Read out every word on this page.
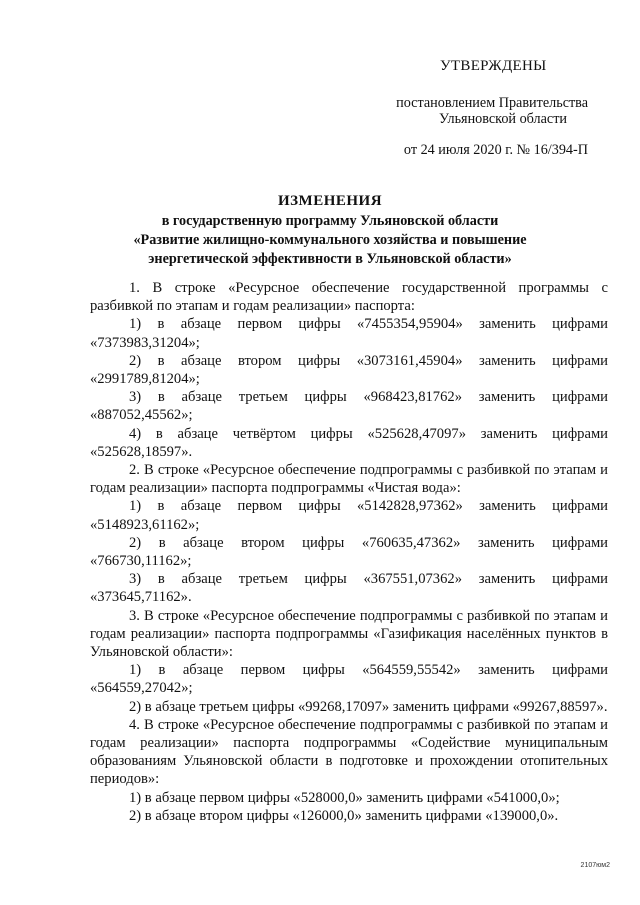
УТВЕРЖДЕНЫ
постановлением Правительства
Ульяновской области
от 24 июля 2020 г. № 16/394-П
ИЗМЕНЕНИЯ
в государственную программу Ульяновской области
«Развитие жилищно-коммунального хозяйства и повышение
энергетической эффективности в Ульяновской области»

1. В строке «Ресурсное обеспечение государственной программы с разбивкой по этапам и годам реализации» паспорта:

1) в абзаце первом цифры «7455354,95904» заменить цифрами «7373983,31204»;

2) в абзаце втором цифры «3073161,45904» заменить цифрами «2991789,81204»;

3) в абзаце третьем цифры «968423,81762» заменить цифрами «887052,45562»;

4) в абзаце четвёртом цифры «525628,47097» заменить цифрами «525628,18597».

2. В строке «Ресурсное обеспечение подпрограммы с разбивкой по этапам и годам реализации» паспорта подпрограммы «Чистая вода»:

1) в абзаце первом цифры «5142828,97362» заменить цифрами «5148923,61162»;

2) в абзаце втором цифры «760635,47362» заменить цифрами «766730,11162»;

3) в абзаце третьем цифры «367551,07362» заменить цифрами «373645,71162».

3. В строке «Ресурсное обеспечение подпрограммы с разбивкой по этапам и годам реализации» паспорта подпрограммы «Газификация населённых пунктов в Ульяновской области»:

1) в абзаце первом цифры «564559,55542» заменить цифрами «564559,27042»;

2) в абзаце третьем цифры «99268,17097» заменить цифрами «99267,88597».

4. В строке «Ресурсное обеспечение подпрограммы с разбивкой по этапам и годам реализации» паспорта подпрограммы «Содействие муниципальным образованиям Ульяновской области в подготовке и прохождении отопительных периодов»:

1) в абзаце первом цифры «528000,0» заменить цифрами «541000,0»;

2) в абзаце втором цифры «126000,0» заменить цифрами «139000,0».

2107юм2
